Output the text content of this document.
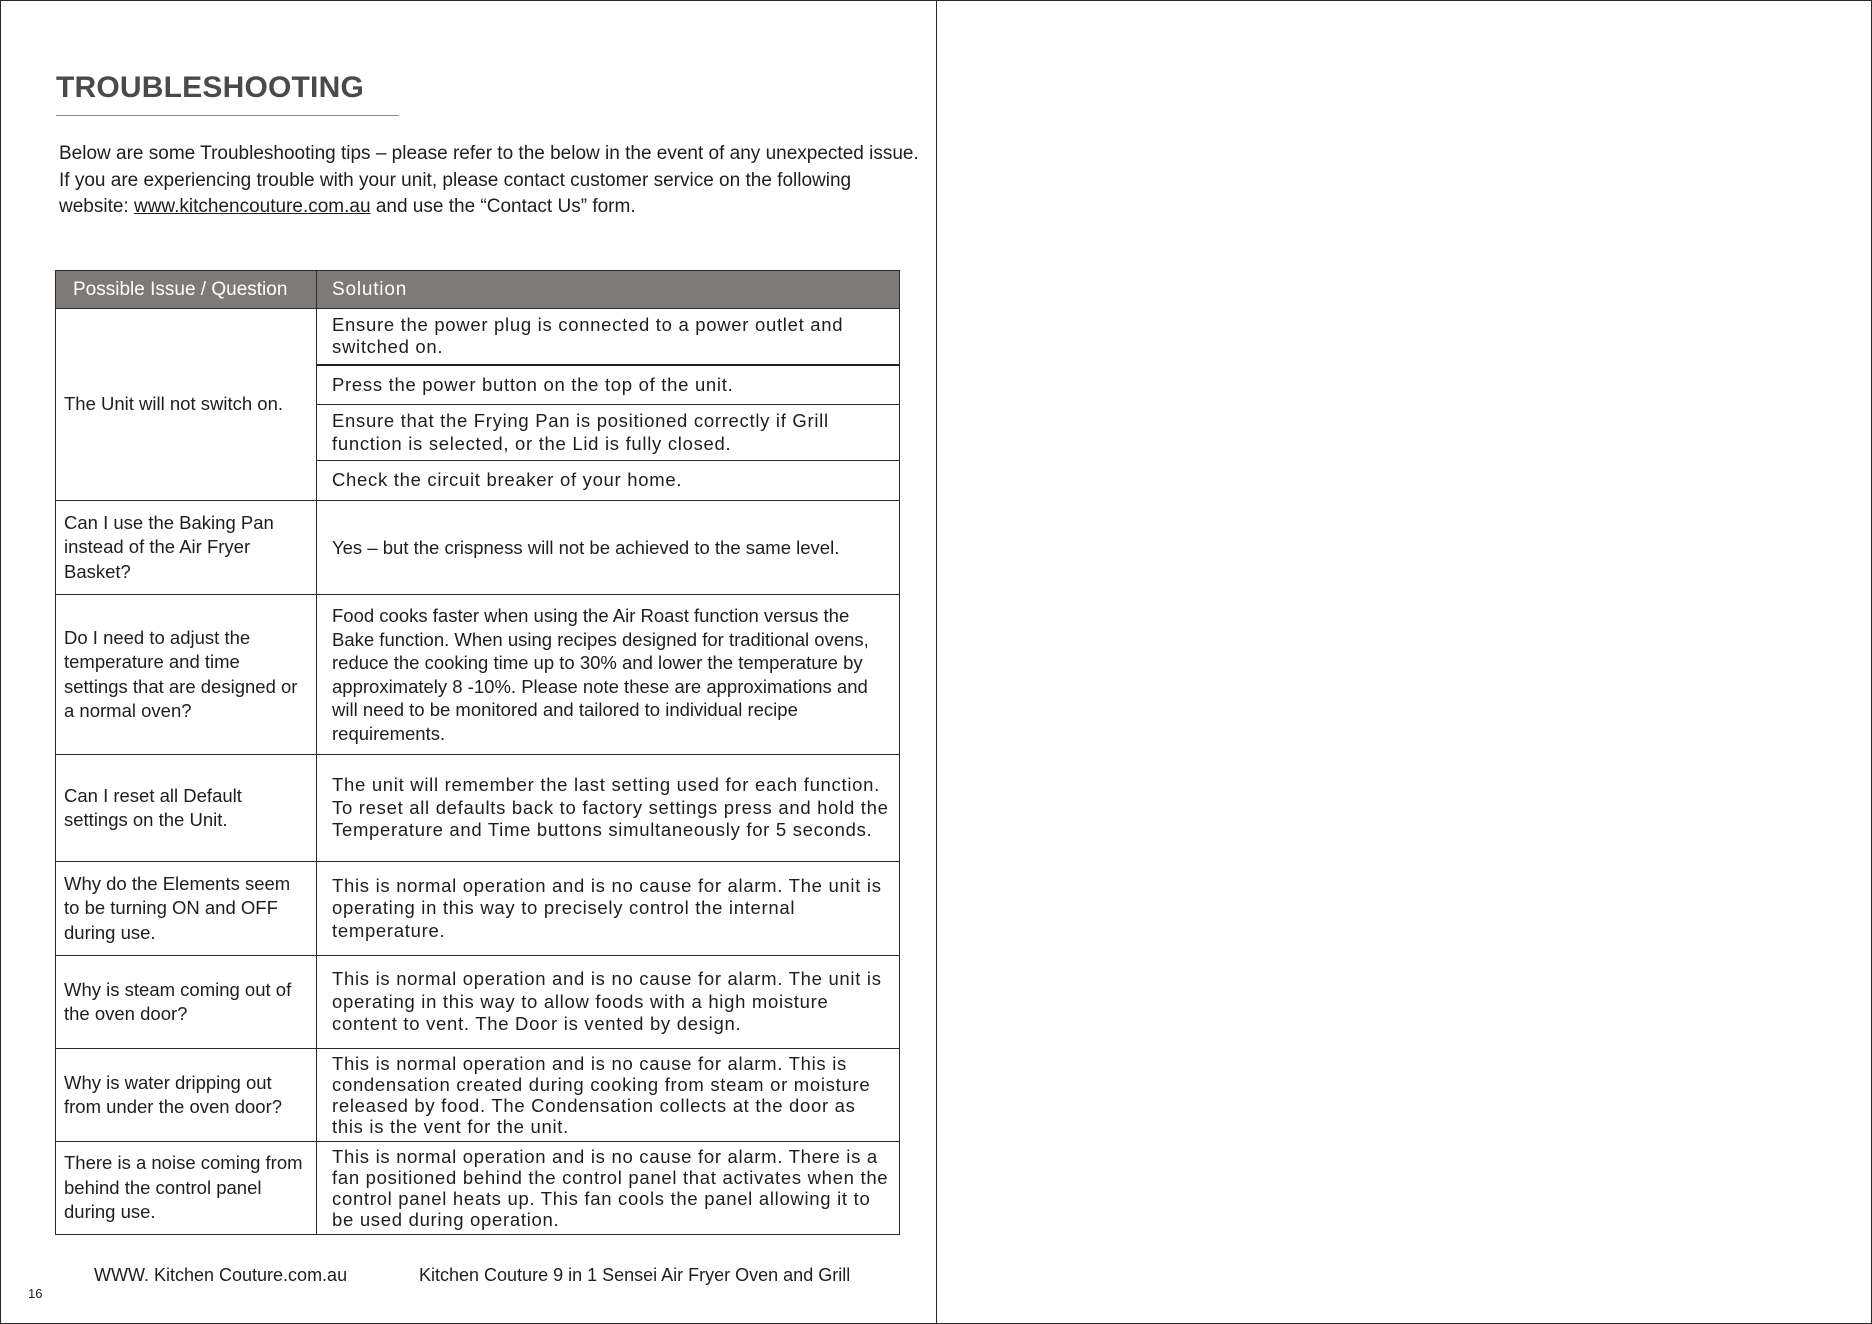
TROUBLESHOOTING

Below are some Troubleshooting tips – please refer to the below in the event of any unexpected issue.

If you are experiencing trouble with your unit, please contact customer service on the following website: www.kitchencouture.com.au and use the “Contact Us” form.

Possible Issue / Question	Solution
The Unit will not switch on.	Ensure the power plug is connected to a power outlet and switched on.
	Press the power button on the top of the unit.
	Ensure that the Frying Pan is positioned correctly if Grill function is selected, or the Lid is fully closed.
	Check the circuit breaker of your home.
Can I use the Baking Pan instead of the Air Fryer Basket?	Yes – but the crispness will not be achieved to the same level.
Do I need to adjust the temperature and time settings that are designed or a normal oven?	Food cooks faster when using the Air Roast function versus the Bake function. When using recipes designed for traditional ovens, reduce the cooking time up to 30% and lower the temperature by approximately 8 -10%. Please note these are approximations and will need to be monitored and tailored to individual recipe requirements.
Can I reset all Default settings on the Unit.	The unit will remember the last setting used for each function. To reset all defaults back to factory settings press and hold the Temperature and Time buttons simultaneously for 5 seconds.
Why do the Elements seem to be turning ON and OFF during use.	This is normal operation and is no cause for alarm. The unit is operating in this way to precisely control the internal temperature.
Why is steam coming out of the oven door?	This is normal operation and is no cause for alarm. The unit is operating in this way to allow foods with a high moisture content to vent. The Door is vented by design.
Why is water dripping out from under the oven door?	This is normal operation and is no cause for alarm. This is condensation created during cooking from steam or moisture released by food. The Condensation collects at the door as this is the vent for the unit.
There is a noise coming from behind the control panel during use.	This is normal operation and is no cause for alarm. There is a fan positioned behind the control panel that activates when the control panel heats up. This fan cools the panel allowing it to be used during operation.
WWW. Kitchen Couture.com.au	Kitchen Couture 9 in 1 Sensei Air Fryer Oven and Grill
16
